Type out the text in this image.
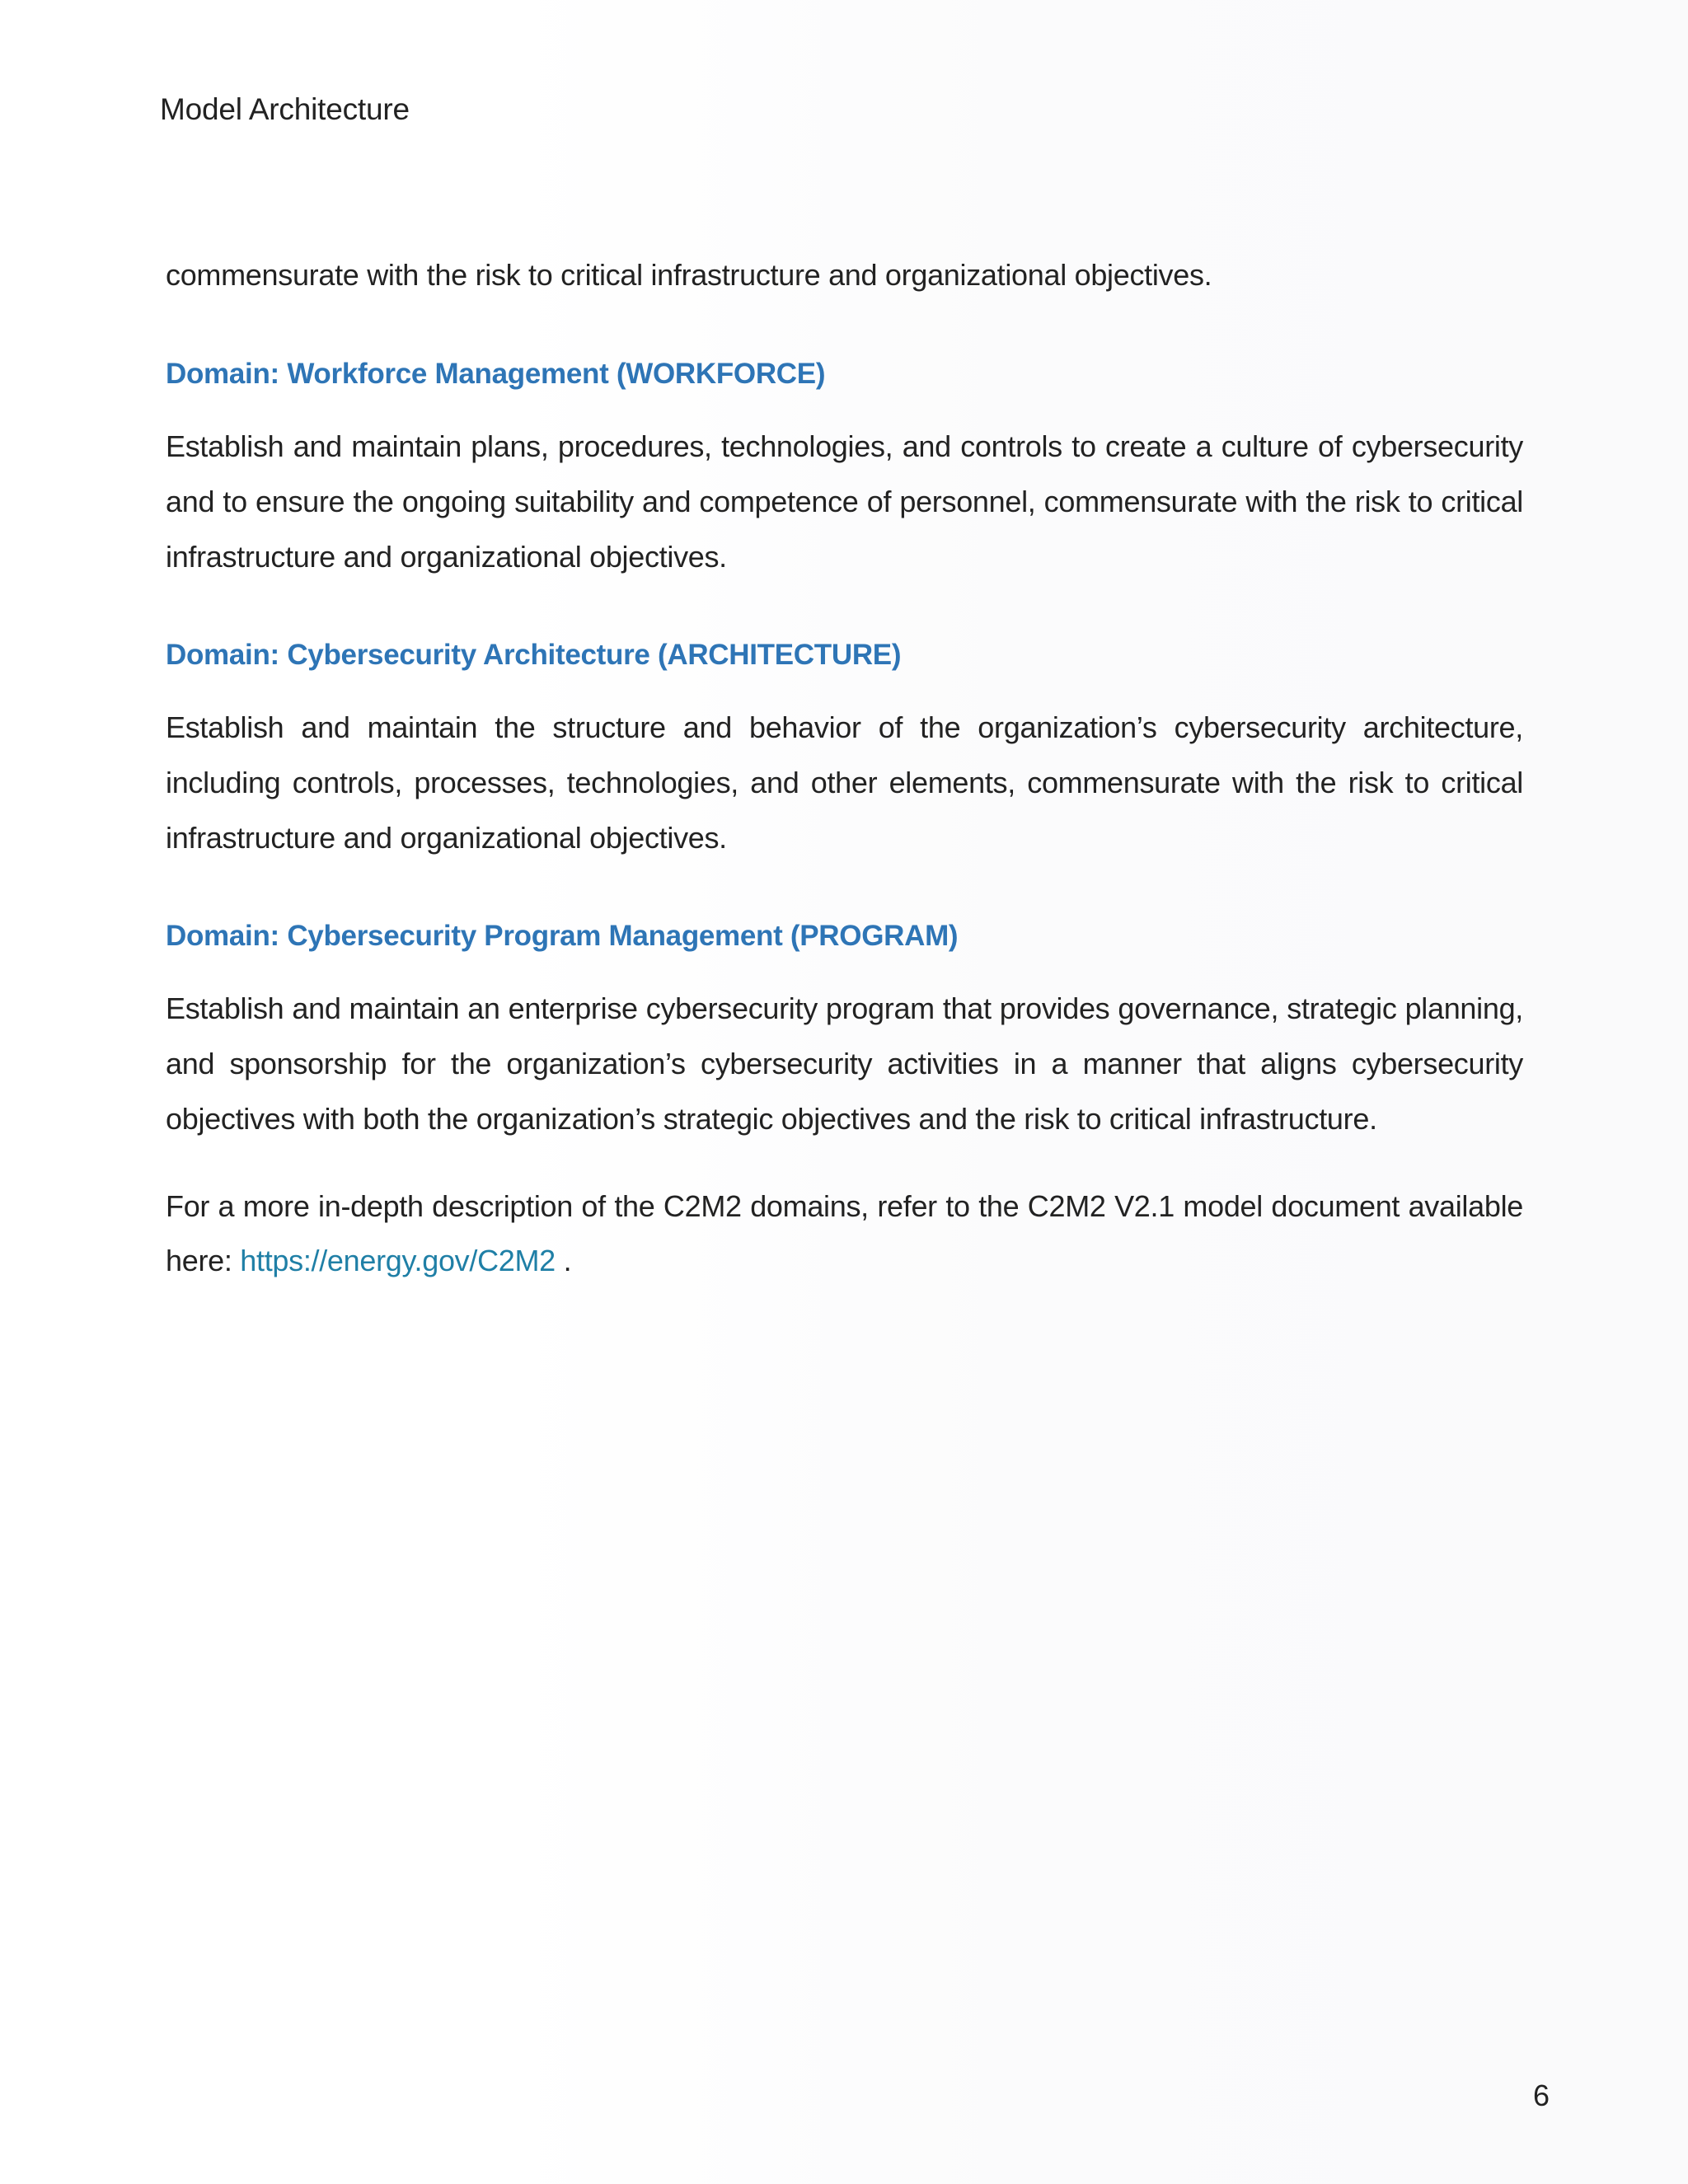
Model Architecture

commensurate with the risk to critical infrastructure and organizational objectives.

Domain: Workforce Management (WORKFORCE)

Establish and maintain plans, procedures, technologies, and controls to create a culture of cybersecurity and to ensure the ongoing suitability and competence of personnel, commensurate with the risk to critical infrastructure and organizational objectives.

Domain: Cybersecurity Architecture (ARCHITECTURE)

Establish and maintain the structure and behavior of the organization’s cybersecurity architecture, including controls, processes, technologies, and other elements, commensurate with the risk to critical infrastructure and organizational objectives.

Domain: Cybersecurity Program Management (PROGRAM)

Establish and maintain an enterprise cybersecurity program that provides governance, strategic planning, and sponsorship for the organization’s cybersecurity activities in a manner that aligns cybersecurity objectives with both the organization’s strategic objectives and the risk to critical infrastructure.

For a more in-depth description of the C2M2 domains, refer to the C2M2 V2.1 model document available here: https://energy.gov/C2M2 .

6
